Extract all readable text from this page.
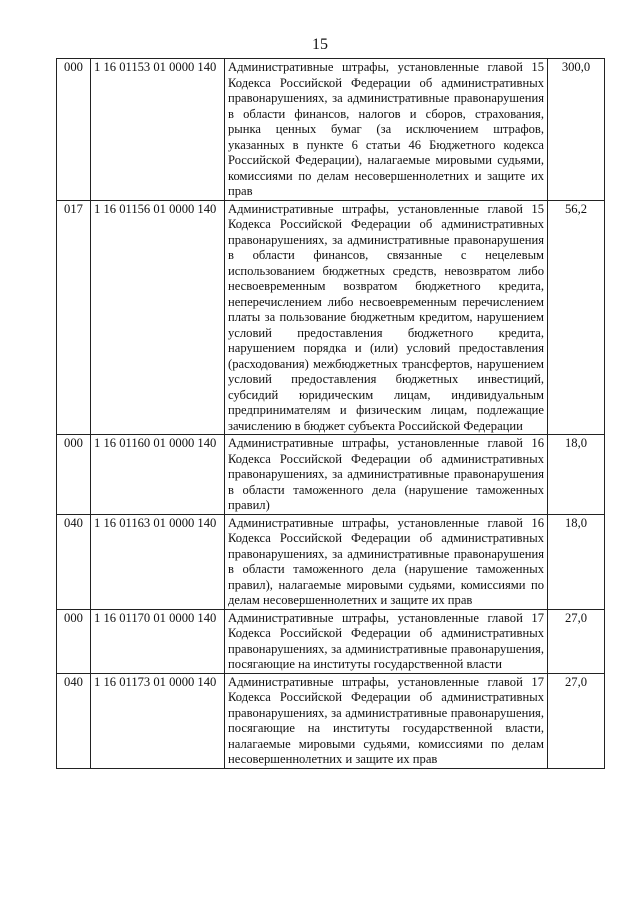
15
000	1 16 01153 01 0000 140	Административные штрафы, установленные главой 15 Кодекса Российской Федерации об административных правонарушениях, за административные правонарушения в области финансов, налогов и сборов, страхования, рынка ценных бумаг (за исключением штрафов, указанных в пункте 6 статьи 46 Бюджетного кодекса Российской Федерации), налагаемые мировыми судьями, комиссиями по делам несовершеннолетних и защите их прав	300,0
017	1 16 01156 01 0000 140	Административные штрафы, установленные главой 15 Кодекса Российской Федерации об административных правонарушениях, за административные правонарушения в области финансов, связанные с нецелевым использованием бюджетных средств, невозвратом либо несвоевременным возвратом бюджетного кредита, неперечислением либо несвоевременным перечислением платы за пользование бюджетным кредитом, нарушением условий предоставления бюджетного кредита, нарушением порядка и (или) условий предоставления (расходования) межбюджетных трансфертов, нарушением условий предоставления бюджетных инвестиций, субсидий юридическим лицам, индивидуальным предпринимателям и физическим лицам, подлежащие зачислению в бюджет субъекта Российской Федерации	56,2
000	1 16 01160 01 0000 140	Административные штрафы, установленные главой 16 Кодекса Российской Федерации об административных правонарушениях, за административные правонарушения в области таможенного дела (нарушение таможенных правил)	18,0
040	1 16 01163 01 0000 140	Административные штрафы, установленные главой 16 Кодекса Российской Федерации об административных правонарушениях, за административные правонарушения в области таможенного дела (нарушение таможенных правил), налагаемые мировыми судьями, комиссиями по делам несовершеннолетних и защите их прав	18,0
000	1 16 01170 01 0000 140	Административные штрафы, установленные главой 17 Кодекса Российской Федерации об административных правонарушениях, за административные правонарушения, посягающие на институты государственной власти	27,0
040	1 16 01173 01 0000 140	Административные штрафы, установленные главой 17 Кодекса Российской Федерации об административных правонарушениях, за административные правонарушения, посягающие на институты государственной власти, налагаемые мировыми судьями, комиссиями по делам несовершеннолетних и защите их прав	27,0
